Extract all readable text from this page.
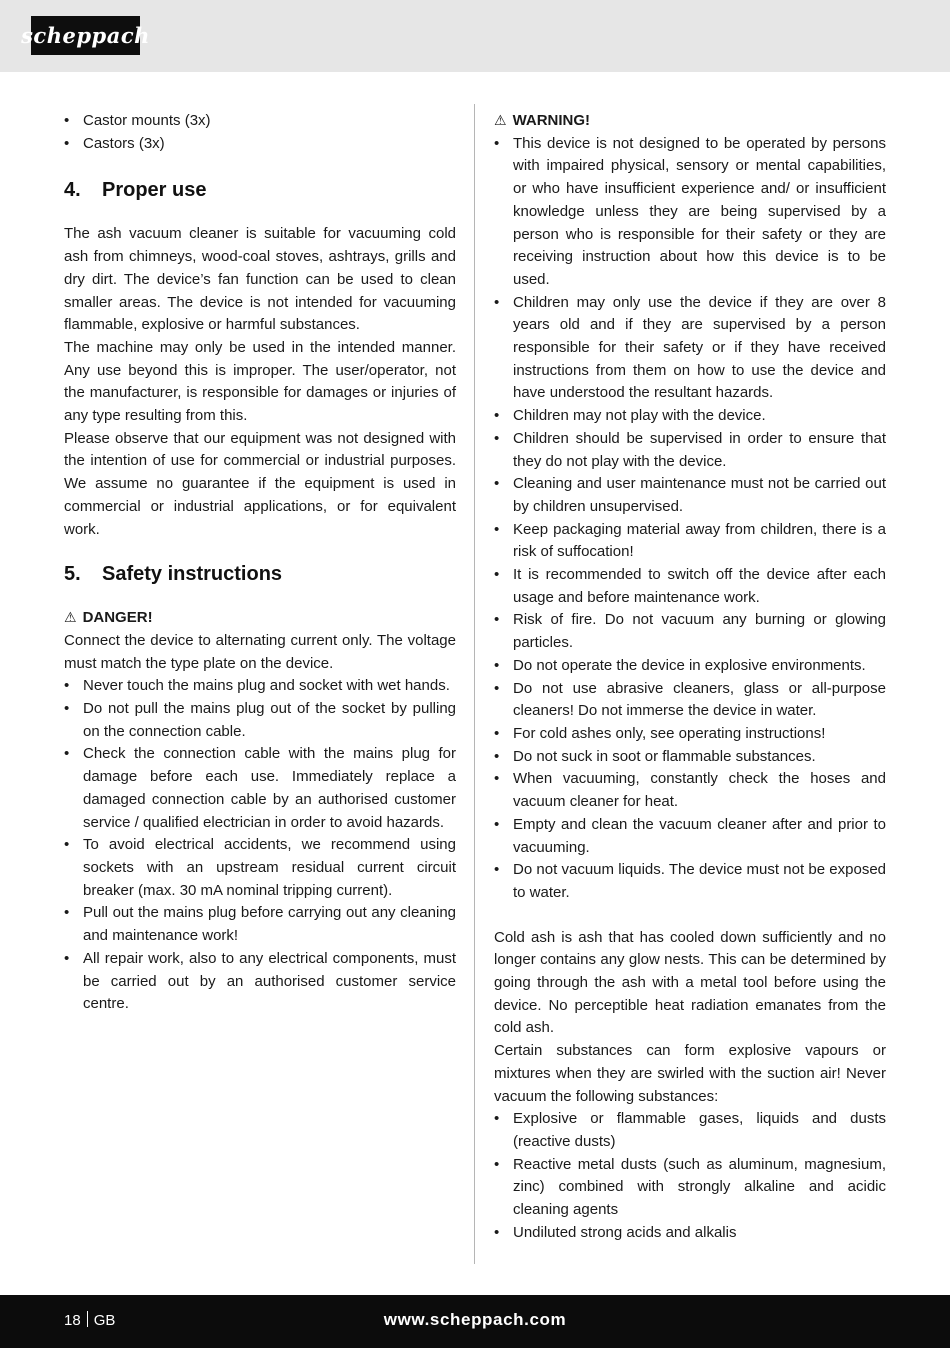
scheppach
• Castor mounts (3x)
• Castors (3x)
4. Proper use

The ash vacuum cleaner is suitable for vacuuming cold ash from chimneys, wood-coal stoves, ashtrays, grills and dry dirt. The device’s fan function can be used to clean smaller areas. The device is not intended for vacuuming flammable, explosive or harmful substances.

The machine may only be used in the intended manner. Any use beyond this is improper. The user/operator, not the manufacturer, is responsible for damages or injuries of any type resulting from this.

Please observe that our equipment was not designed with the intention of use for commercial or industrial purposes. We assume no guarantee if the equipment is used in commercial or industrial applications, or for equivalent work.

5. Safety instructions

⚠ DANGER!

Connect the device to alternating current only. The voltage must match the type plate on the device.

• Never touch the mains plug and socket with wet hands.
• Do not pull the mains plug out of the socket by pulling on the connection cable.
• Check the connection cable with the mains plug for damage before each use. Immediately replace a damaged connection cable by an authorised customer service / qualified electrician in order to avoid hazards.
• To avoid electrical accidents, we recommend using sockets with an upstream residual current circuit breaker (max. 30 mA nominal tripping current).
• Pull out the mains plug before carrying out any cleaning and maintenance work!
• All repair work, also to any electrical components, must be carried out by an authorised customer service centre.

⚠ WARNING!

• This device is not designed to be operated by persons with impaired physical, sensory or mental capabilities, or who have insufficient experience and/ or insufficient knowledge unless they are being supervised by a person who is responsible for their safety or they are receiving instruction about how this device is to be used.
• Children may only use the device if they are over 8 years old and if they are supervised by a person responsible for their safety or if they have received instructions from them on how to use the device and have understood the resultant hazards.
• Children may not play with the device.
• Children should be supervised in order to ensure that they do not play with the device.
• Cleaning and user maintenance must not be carried out by children unsupervised.
• Keep packaging material away from children, there is a risk of suffocation!
• It is recommended to switch off the device after each usage and before maintenance work.
• Risk of fire. Do not vacuum any burning or glowing particles.
• Do not operate the device in explosive environments.
• Do not use abrasive cleaners, glass or all-purpose cleaners! Do not immerse the device in water.
• For cold ashes only, see operating instructions!
• Do not suck in soot or flammable substances.
• When vacuuming, constantly check the hoses and vacuum cleaner for heat.
• Empty and clean the vacuum cleaner after and prior to vacuuming.
• Do not vacuum liquids. The device must not be exposed to water.

Cold ash is ash that has cooled down sufficiently and no longer contains any glow nests. This can be determined by going through the ash with a metal tool before using the device. No perceptible heat radiation emanates from the cold ash.

Certain substances can form explosive vapours or mixtures when they are swirled with the suction air! Never vacuum the following substances:

• Explosive or flammable gases, liquids and dusts (reactive dusts)
• Reactive metal dusts (such as aluminum, magnesium, zinc) combined with strongly alkaline and acidic cleaning agents
• Undiluted strong acids and alkalis
18 GB	www.scheppach.com
